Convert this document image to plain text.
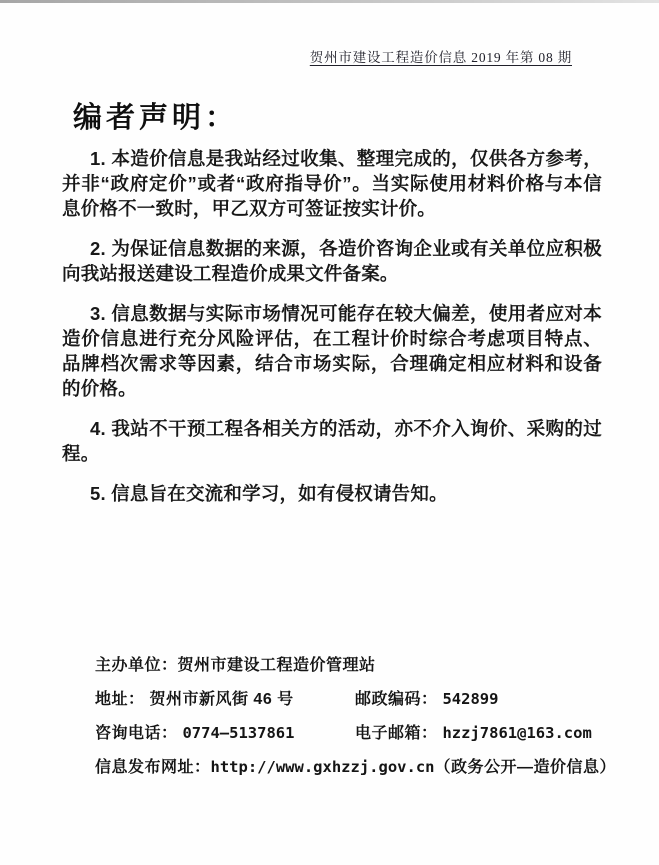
贺州市建设工程造价信息 2019 年第 08 期
编者声明：

1. 本造价信息是我站经过收集、整理完成的，仅供各方参考，并非“政府定价”或者“政府指导价”。当实际使用材料价格与本信息价格不一致时，甲乙双方可签证按实计价。

2. 为保证信息数据的来源，各造价咨询企业或有关单位应积极向我站报送建设工程造价成果文件备案。

3. 信息数据与实际市场情况可能存在较大偏差，使用者应对本造价信息进行充分风险评估，在工程计价时综合考虑项目特点、品牌档次需求等因素，结合市场实际，合理确定相应材料和设备的价格。

4. 我站不干预工程各相关方的活动，亦不介入询价、采购的过程。

5. 信息旨在交流和学习，如有侵权请告知。

主办单位： 贺州市建设工程造价管理站
地址： 贺州市新风街 46 号	邮政编码： 542899
咨询电话： 0774—5137861	电子邮箱： hzzj7861@163.com
信息发布网址： http://www.gxhzzj.gov.cn （政务公开—造价信息）
